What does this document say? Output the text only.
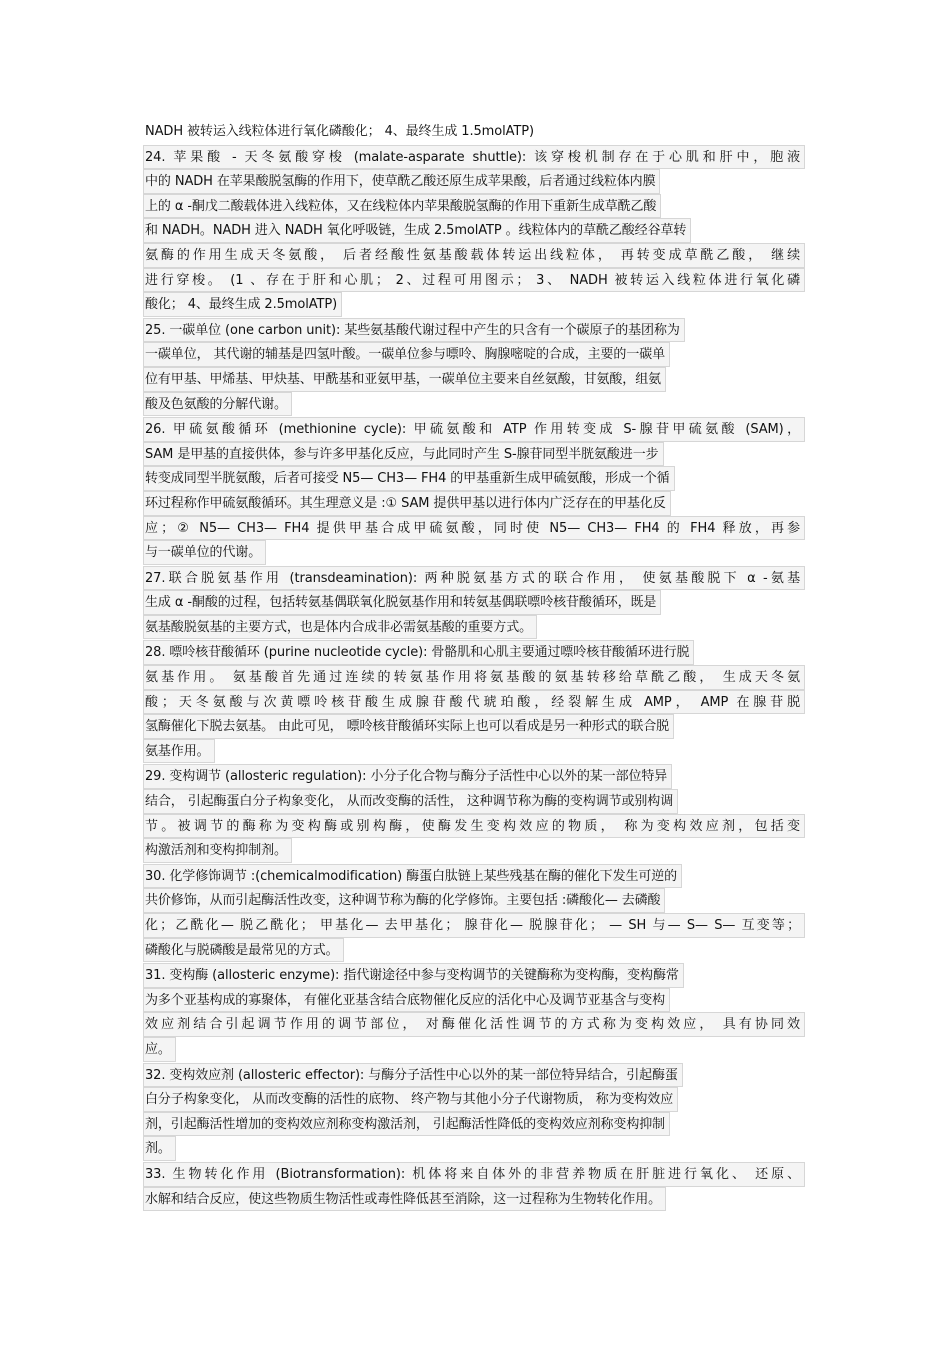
NADH 被转运入线粒体进行氧化磷酸化； 4、最终生成 1.5molATP)
24. 苹果酸 - 天冬氨酸穿梭 (malate-asparate shuttle): 该穿梭机制存在于心肌和肝中，胞液
中的 NADH 在苹果酸脱氢酶的作用下，使草酰乙酸还原生成苹果酸，后者通过线粒体内膜
上的 α -酮戊二酸载体进入线粒体，又在线粒体内苹果酸脱氢酶的作用下重新生成草酰乙酸
和 NADH。NADH 进入 NADH 氧化呼吸链，生成 2.5molATP 。线粒体内的草酰乙酸经谷草转
氨酶的作用生成天冬氨酸， 后者经酸性氨基酸载体转运出线粒体， 再转变成草酰乙酸， 继续
进行穿梭。 (1 、存在于肝和心肌； 2、过程可用图示； 3、 NADH 被转运入线粒体进行氧化磷
酸化； 4、最终生成 2.5molATP)
25. 一碳单位 (one carbon unit): 某些氨基酸代谢过程中产生的只含有一个碳原子的基团称为
一碳单位， 其代谢的辅基是四氢叶酸。一碳单位参与嘌呤、胸腺嘧啶的合成，主要的一碳单
位有甲基、甲烯基、甲炔基、甲酰基和亚氨甲基，一碳单位主要来自丝氨酸，甘氨酸，组氨
酸及色氨酸的分解代谢。
26. 甲硫氨酸循环 (methionine cycle): 甲硫氨酸和 ATP 作用转变成 S-腺苷甲硫氨酸 (SAM)，
SAM 是甲基的直接供体，参与许多甲基化反应，与此同时产生 S-腺苷同型半胱氨酸进一步
转变成同型半胱氨酸，后者可接受 N5— CH3— FH4 的甲基重新生成甲硫氨酸，形成一个循
环过程称作甲硫氨酸循环。其生理意义是 :① SAM 提供甲基以进行体内广泛存在的甲基化反
应；② N5— CH3— FH4 提供甲基合成甲硫氨酸，同时使 N5— CH3— FH4 的 FH4 释放，再参
与一碳单位的代谢。
27.联合脱氨基作用 (transdeamination): 两种脱氨基方式的联合作用， 使氨基酸脱下 α -氨基
生成 α -酮酸的过程，包括转氨基偶联氧化脱氨基作用和转氨基偶联嘌呤核苷酸循环，既是
氨基酸脱氨基的主要方式，也是体内合成非必需氨基酸的重要方式。
28. 嘌呤核苷酸循环 (purine nucleotide cycle): 骨骼肌和心肌主要通过嘌呤核苷酸循环进行脱
氨基作用。 氨基酸首先通过连续的转氨基作用将氨基酸的氨基转移给草酰乙酸， 生成天冬氨
酸；天冬氨酸与次黄嘌呤核苷酸生成腺苷酸代琥珀酸，经裂解生成 AMP， AMP 在腺苷脱
氢酶催化下脱去氨基。 由此可见， 嘌呤核苷酸循环实际上也可以看成是另一种形式的联合脱
氨基作用。
29. 变构调节 (allosteric regulation): 小分子化合物与酶分子活性中心以外的某一部位特异
结合， 引起酶蛋白分子构象变化， 从而改变酶的活性， 这种调节称为酶的变构调节或别构调
节。被调节的酶称为变构酶或别构酶，使酶发生变构效应的物质， 称为变构效应剂，包括变
构激活剂和变构抑制剂。
30. 化学修饰调节 :(chemicalmodification) 酶蛋白肽链上某些残基在酶的催化下发生可逆的
共价修饰，从而引起酶活性改变，这种调节称为酶的化学修饰。主要包括 :磷酸化— 去磷酸
化；乙酰化— 脱乙酰化； 甲基化— 去甲基化； 腺苷化— 脱腺苷化； — SH 与— S— S— 互变等；
磷酸化与脱磷酸是最常见的方式。
31. 变构酶 (allosteric enzyme): 指代谢途径中参与变构调节的关键酶称为变构酶，变构酶常
为多个亚基构成的寡聚体， 有催化亚基含结合底物催化反应的活化中心及调节亚基含与变构
效应剂结合引起调节作用的调节部位， 对酶催化活性调节的方式称为变构效应， 具有协同效
应。
32. 变构效应剂 (allosteric effector): 与酶分子活性中心以外的某一部位特异结合，引起酶蛋
白分子构象变化， 从而改变酶的活性的底物、 终产物与其他小分子代谢物质， 称为变构效应
剂，引起酶活性增加的变构效应剂称变构激活剂， 引起酶活性降低的变构效应剂称变构抑制
剂。
33. 生物转化作用 (Biotransformation): 机体将来自体外的非营养物质在肝脏进行氧化、 还原、
水解和结合反应，使这些物质生物活性或毒性降低甚至消除，这一过程称为生物转化作用。
